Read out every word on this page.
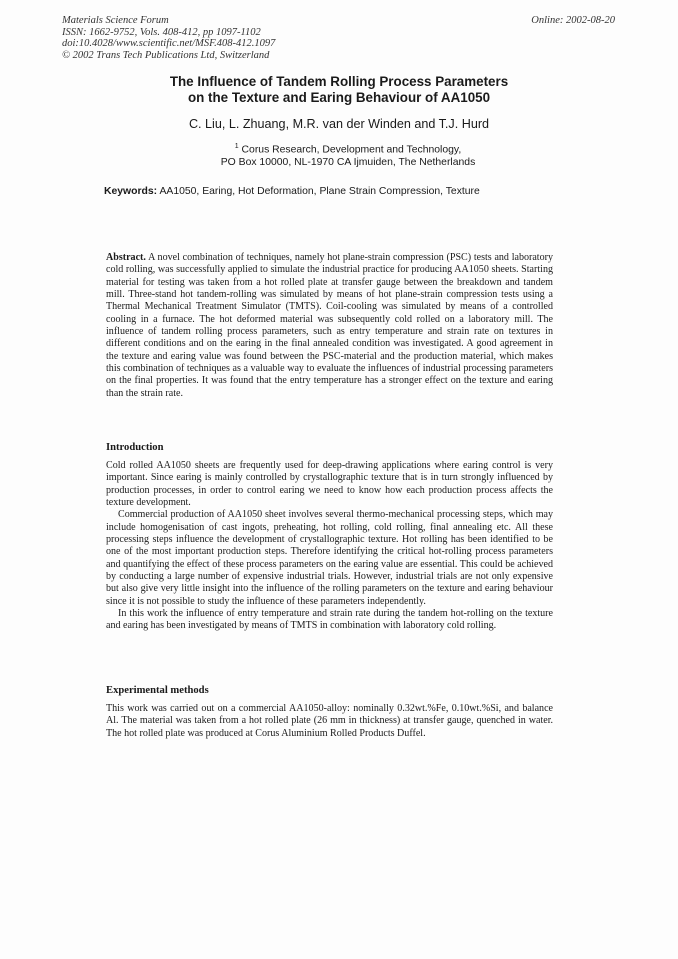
Materials Science Forum
ISSN: 1662-9752, Vols. 408-412, pp 1097-1102
doi:10.4028/www.scientific.net/MSF.408-412.1097
© 2002 Trans Tech Publications Ltd, Switzerland
Online: 2002-08-20
The Influence of Tandem Rolling Process Parameters
on the Texture and Earing Behaviour of AA1050
C. Liu, L. Zhuang, M.R. van der Winden and T.J. Hurd
$^1$ Corus Research, Development and Technology,
PO Box 10000, NL-1970 CA Ijmuiden, The Netherlands
Keywords: AA1050, Earing, Hot Deformation, Plane Strain Compression, Texture

Abstract. A novel combination of techniques, namely hot plane-strain compression (PSC) tests and laboratory cold rolling, was successfully applied to simulate the industrial practice for producing AA1050 sheets. Starting material for testing was taken from a hot rolled plate at transfer gauge between the breakdown and tandem mill. Three-stand hot tandem-rolling was simulated by means of hot plane-strain compression tests using a Thermal Mechanical Treatment Simulator (TMTS). Coil-cooling was simulated by means of a controlled cooling in a furnace. The hot deformed material was subsequently cold rolled on a laboratory mill. The influence of tandem rolling process parameters, such as entry temperature and strain rate on textures in different conditions and on the earing in the final annealed condition was investigated. A good agreement in the texture and earing value was found between the PSC-material and the production material, which makes this combination of techniques as a valuable way to evaluate the influences of industrial processing parameters on the final properties. It was found that the entry temperature has a stronger effect on the texture and earing than the strain rate.

Introduction

Cold rolled AA1050 sheets are frequently used for deep-drawing applications where earing control is very important. Since earing is mainly controlled by crystallographic texture that is in turn strongly influenced by production processes, in order to control earing we need to know how each production process affects the texture development.

Commercial production of AA1050 sheet involves several thermo-mechanical processing steps, which may include homogenisation of cast ingots, preheating, hot rolling, cold rolling, final annealing etc. All these processing steps influence the development of crystallographic texture. Hot rolling has been identified to be one of the most important production steps. Therefore identifying the critical hot-rolling process parameters and quantifying the effect of these process parameters on the earing value are essential. This could be achieved by conducting a large number of expensive industrial trials. However, industrial trials are not only expensive but also give very little insight into the influence of the rolling parameters on the texture and earing behaviour since it is not possible to study the influence of these parameters independently.

In this work the influence of entry temperature and strain rate during the tandem hot-rolling on the texture and earing has been investigated by means of TMTS in combination with laboratory cold rolling.

Experimental methods

This work was carried out on a commercial AA1050-alloy: nominally 0.32wt.%Fe, 0.10wt.%Si, and balance Al. The material was taken from a hot rolled plate (26 mm in thickness) at transfer gauge, quenched in water. The hot rolled plate was produced at Corus Aluminium Rolled Products Duffel.
